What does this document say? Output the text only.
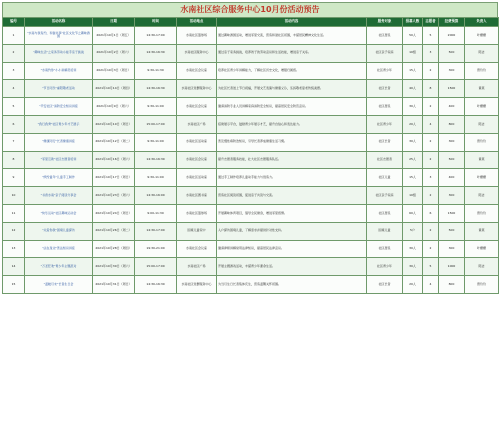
水南社区综合服务中心10月份活动预告
编号	活动名称	日期	时间	活动地点	活动内容	服务对象	招募人数	志愿者	经费预算	负责人
1	"水南与我有约，和谐共享"社区文化节之趣味游园	2021年10月1日（周五）	14:30-17:00	水南社区篮球场	通过趣味游园活动，增进邻里交流，营造和谐社区氛围，丰富居民精神文化生活。	社区居民	50人	5	2000	叶姗姗
2	"趣味生活"之家务劳动小能手亲子挑战	2021年10月2日（周六）	14:30-16:30	水南社区服务中心	通过亲子家务挑战，培养孩子的劳动意识和生活技能，增进亲子关系。	社区亲子家庭	10组	3	500	陈洁
3	"水南约你"小小讲解员培训	2021年10月3日（周日）	9:30-11:30	水南社区会议室	培养社区青少年讲解能力，了解社区历史文化，增强归属感。	社区青少年	15人	2	300	曾玲玲
4	"节日同乐"重阳敬老活动	2021年10月14日（周四）	14:30-16:30	水南社区党群服务中心	为社区长者送上节日祝福，开展文艺表演与健康义诊，弘扬敬老爱老传统美德。	社区长者	40人	8	1500	黄燕
5	"平安社区"消防安全知识讲座	2021年10月9日（周六）	9:30-11:00	水南社区会议室	邀请消防专业人员讲解家庭消防安全知识，提高居民安全防范意识。	社区居民	30人	2	400	叶姗姗
6	"我行我秀"社区青少年才艺展示	2021年10月10日（周日）	15:00-17:00	水南社区广场	搭建展示平台，鼓励青少年展示才艺，提升自信心和表达能力。	社区青少年	20人	4	800	陈洁
7	"健康同行"长者健康讲座	2021年10月12日（周二）	9:30-11:00	水南社区活动室	普及慢性病防治知识，引导长者养成健康生活习惯。	社区长者	30人	2	300	曾玲玲
8	"邻里互助"社区志愿者培训	2021年10月16日（周六）	14:30-16:30	水南社区会议室	提升志愿者服务技能，壮大社区志愿服务队伍。	社区志愿者	25人	2	500	黄燕
9	"缤纷童年"儿童手工制作	2021年10月17日（周日）	9:30-11:00	水南社区活动室	通过手工制作培养儿童动手能力与创造力。	社区儿童	15人	3	400	叶姗姗
10	"书香水南"亲子阅读分享会	2021年10月23日（周六）	14:30-16:00	水南社区图书室	营造社区阅读氛围，促进亲子共读与交流。	社区亲子家庭	10组	2	300	陈洁
11	"快乐运动"社区趣味运动会	2021年10月24日（周日）	9:00-11:30	水南社区篮球场	开展趣味体育项目，倡导全民健身，增进邻里感情。	社区居民	60人	6	1500	曾玲玲
12	"关爱你我"困境儿童探访	2021年10月26日（周二）	14:30-17:00	困境儿童家中	入户探访困境儿童，了解需求并提供针对性支持。	困境儿童	5户	2	500	黄燕
13	"法在身边"普法知识讲座	2021年10月28日（周四）	19:30-21:00	水南社区会议室	邀请律师讲解常用法律知识，提高居民法律意识。	社区居民	30人	2	300	叶姗姗
14	"万圣狂欢"青少年主题派对	2021年10月30日（周六）	15:00-17:00	水南社区广场	开展主题游戏活动，丰富青少年课余生活。	社区青少年	30人	5	1000	陈洁
15	"温暖月末"长者生日会	2021年10月31日（周日）	14:30-16:30	水南社区党群服务中心	为当月生日长者集体庆生，营造温馨关怀氛围。	社区长者	20人	4	800	曾玲玲
